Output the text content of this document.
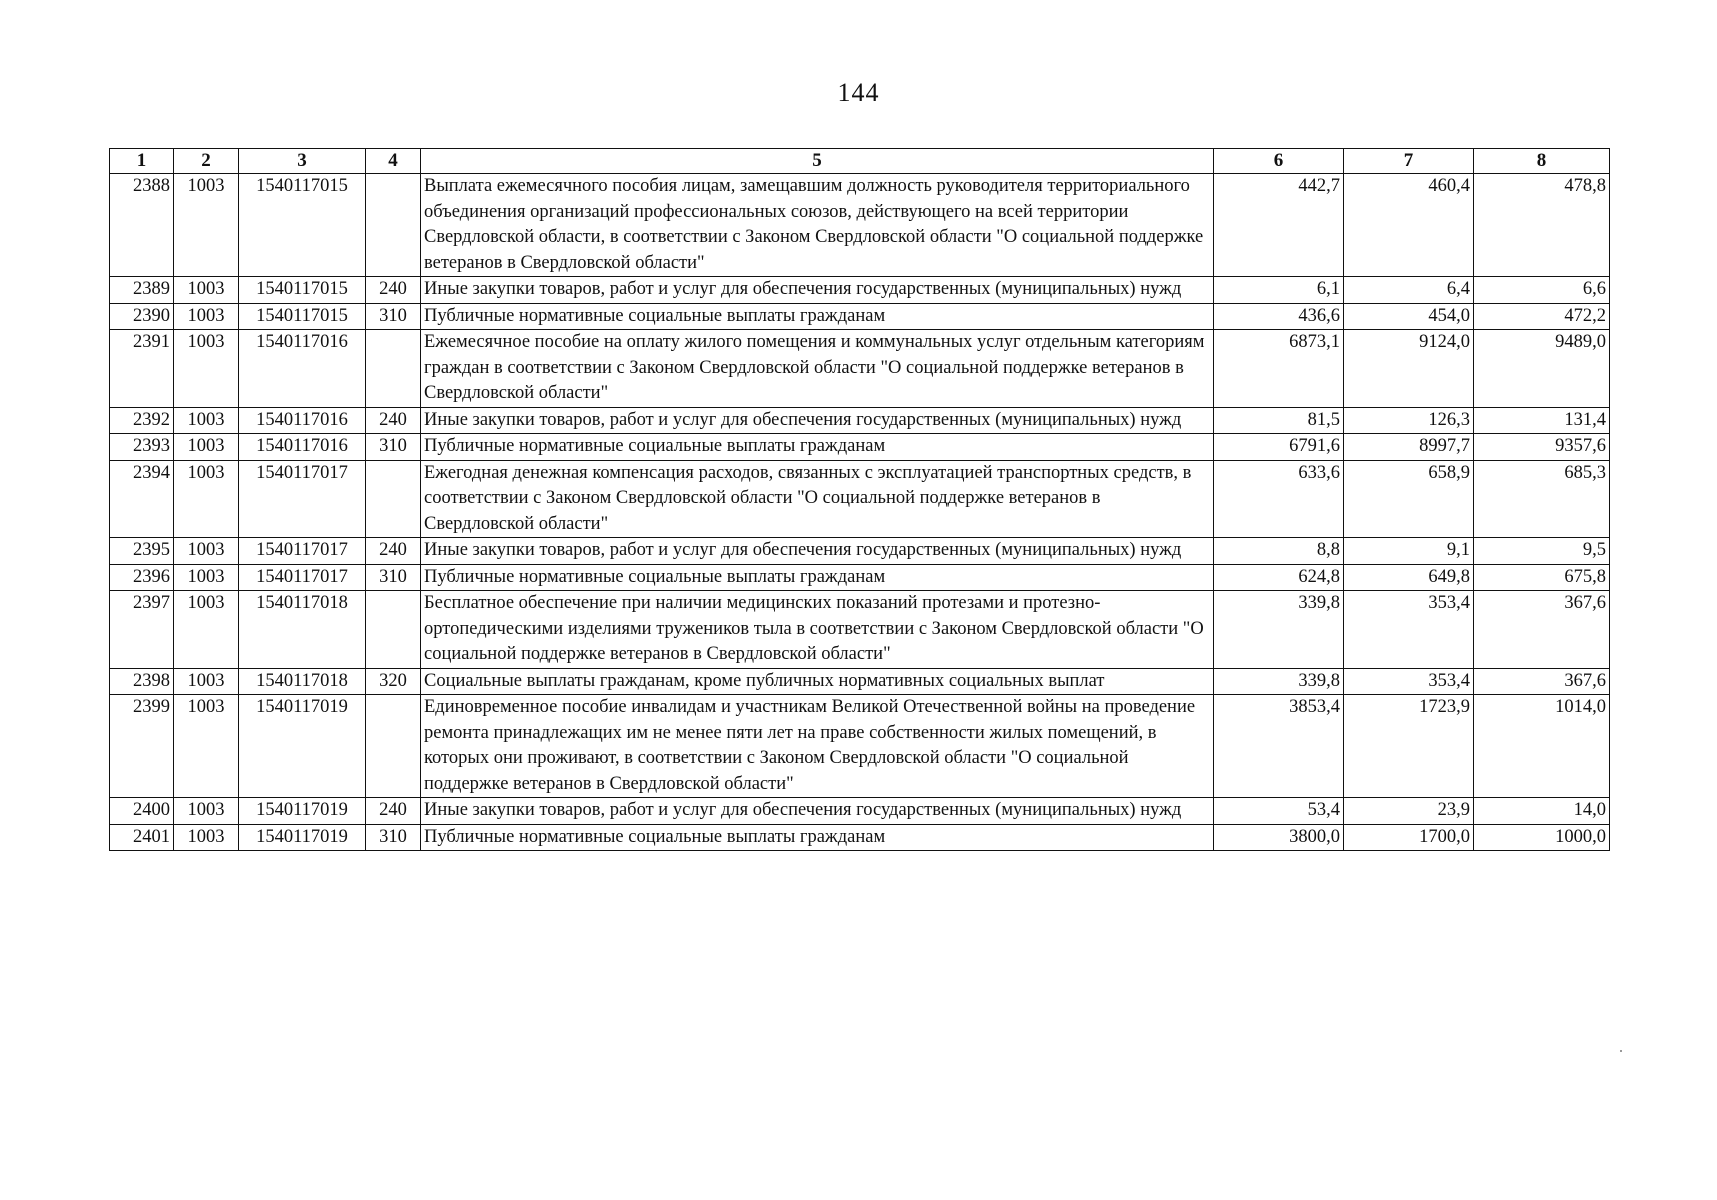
144
1	2	3	4	5	6	7	8
2388	1003	1540117015		Выплата ежемесячного пособия лицам, замещавшим должность руководителя территориального объединения организаций профессиональных союзов, действующего на всей территории Свердловской области, в соответствии с Законом Свердловской области "О социальной поддержке ветеранов в Свердловской области"	442,7	460,4	478,8
2389	1003	1540117015	240	Иные закупки товаров, работ и услуг для обеспечения государственных (муниципальных) нужд	6,1	6,4	6,6
2390	1003	1540117015	310	Публичные нормативные социальные выплаты гражданам	436,6	454,0	472,2
2391	1003	1540117016		Ежемесячное пособие на оплату жилого помещения и коммунальных услуг отдельным категориям граждан в соответствии с Законом Свердловской области "О социальной поддержке ветеранов в Свердловской области"	6873,1	9124,0	9489,0
2392	1003	1540117016	240	Иные закупки товаров, работ и услуг для обеспечения государственных (муниципальных) нужд	81,5	126,3	131,4
2393	1003	1540117016	310	Публичные нормативные социальные выплаты гражданам	6791,6	8997,7	9357,6
2394	1003	1540117017		Ежегодная денежная компенсация расходов, связанных с эксплуатацией транспортных средств, в соответствии с Законом Свердловской области "О социальной поддержке ветеранов в Свердловской области"	633,6	658,9	685,3
2395	1003	1540117017	240	Иные закупки товаров, работ и услуг для обеспечения государственных (муниципальных) нужд	8,8	9,1	9,5
2396	1003	1540117017	310	Публичные нормативные социальные выплаты гражданам	624,8	649,8	675,8
2397	1003	1540117018		Бесплатное обеспечение при наличии медицинских показаний протезами и протезно-ортопедическими изделиями тружеников тыла в соответствии с Законом Свердловской области "О социальной поддержке ветеранов в Свердловской области"	339,8	353,4	367,6
2398	1003	1540117018	320	Социальные выплаты гражданам, кроме публичных нормативных социальных выплат	339,8	353,4	367,6
2399	1003	1540117019		Единовременное пособие инвалидам и участникам Великой Отечественной войны на проведение ремонта принадлежащих им не менее пяти лет на праве собственности жилых помещений, в которых они проживают, в соответствии с Законом Свердловской области "О социальной поддержке ветеранов в Свердловской области"	3853,4	1723,9	1014,0
2400	1003	1540117019	240	Иные закупки товаров, работ и услуг для обеспечения государственных (муниципальных) нужд	53,4	23,9	14,0
2401	1003	1540117019	310	Публичные нормативные социальные выплаты гражданам	3800,0	1700,0	1000,0
